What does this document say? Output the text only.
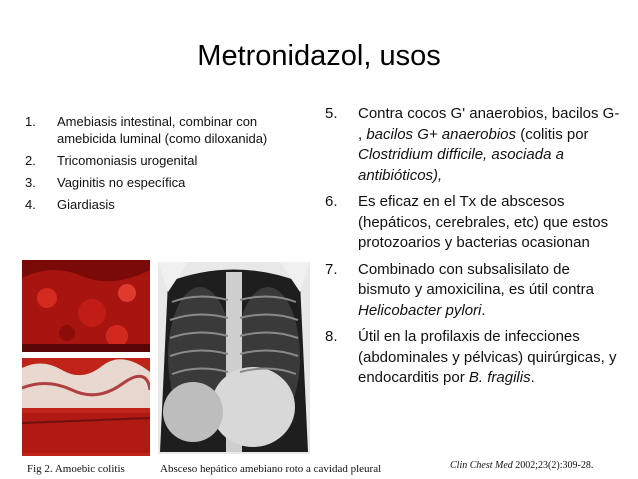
Metronidazol, usos
1.	Amebiasis intestinal, combinar con amebicida luminal (como diloxanida)
2.	Tricomoniasis urogenital
3.	Vaginitis no específica
4.	Giardiasis
5.	Contra cocos G' anaerobios, bacilos G- , bacilos G+ anaerobios (colitis por Clostridium difficile, asociada a antibióticos),
6.	Es eficaz en el Tx de abscesos (hepáticos, cerebrales, etc) que estos protozoarios y bacterias ocasionan
7.	Combinado con subsalisilato de bismuto y amoxicilina, es útil contra Helicobacter pylori.
8.	Útil en la profilaxis de infecciones (abdominales y pélvicas) quirúrgicas, y endocarditis por B. fragilis.
Fig 2. Amoebic colitis	Absceso hepático amebiano roto a cavidad pleural	Clin Chest Med 2002;23(2):309-28.
